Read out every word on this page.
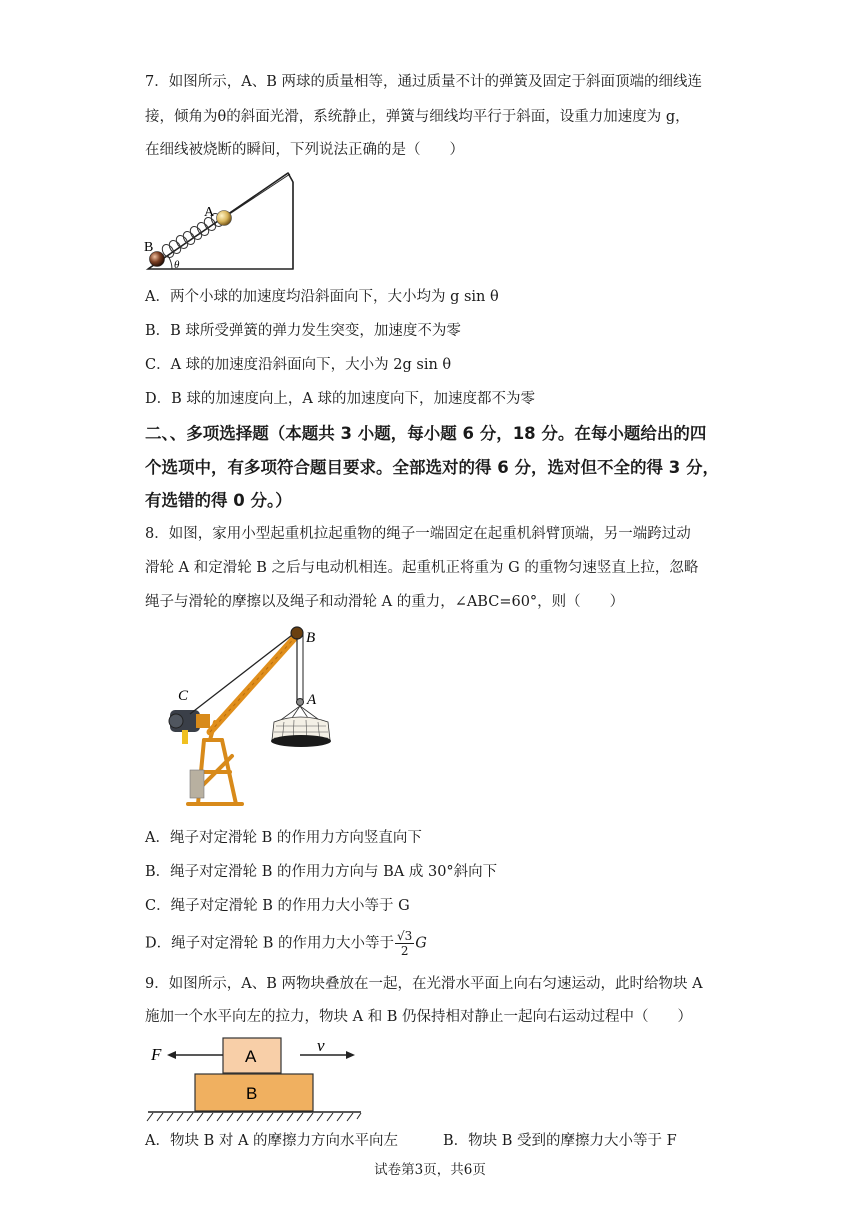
7．如图所示，A、B 两球的质量相等，通过质量不计的弹簧及固定于斜面顶端的细线连
接，倾角为θ的斜面光滑，系统静止，弹簧与细线均平行于斜面，设重力加速度为 g，
在细线被烧断的瞬间，下列说法正确的是（　　）
A
B
θ
A．两个小球的加速度均沿斜面向下，大小均为 g sin θ
B．B 球所受弹簧的弹力发生突变，加速度不为零
C．A 球的加速度沿斜面向下，大小为 2g sin θ
D．B 球的加速度向上，A 球的加速度向下，加速度都不为零
二、、多项选择题（本题共 3 小题，每小题 6 分，18 分。在每小题给出的四
个选项中，有多项符合题目要求。全部选对的得 6 分，选对但不全的得 3 分，
有选错的得 0 分。）
8．如图，家用小型起重机拉起重物的绳子一端固定在起重机斜臂顶端，另一端跨过动
滑轮 A 和定滑轮 B 之后与电动机相连。起重机正将重为 G 的重物匀速竖直上拉，忽略
绳子与滑轮的摩擦以及绳子和动滑轮 A 的重力，∠ABC=60°，则（　　）
B
A
C
A．绳子对定滑轮 B 的作用力方向竖直向下
B．绳子对定滑轮 B 的作用力方向与 BA 成 30°斜向下
C．绳子对定滑轮 B 的作用力大小等于 G
D．绳子对定滑轮 B 的作用力大小等于 $\frac{√3}{2}$ G
9．如图所示，A、B 两物块叠放在一起，在光滑水平面上向右匀速运动，此时给物块 A
施加一个水平向左的拉力，物块 A 和 B 仍保持相对静止一起向右运动过程中（　　）
F	v
A
B
A．物块 B 对 A 的摩擦力方向水平向左	B．物块 B 受到的摩擦力大小等于 F
试卷第3页，共6页
